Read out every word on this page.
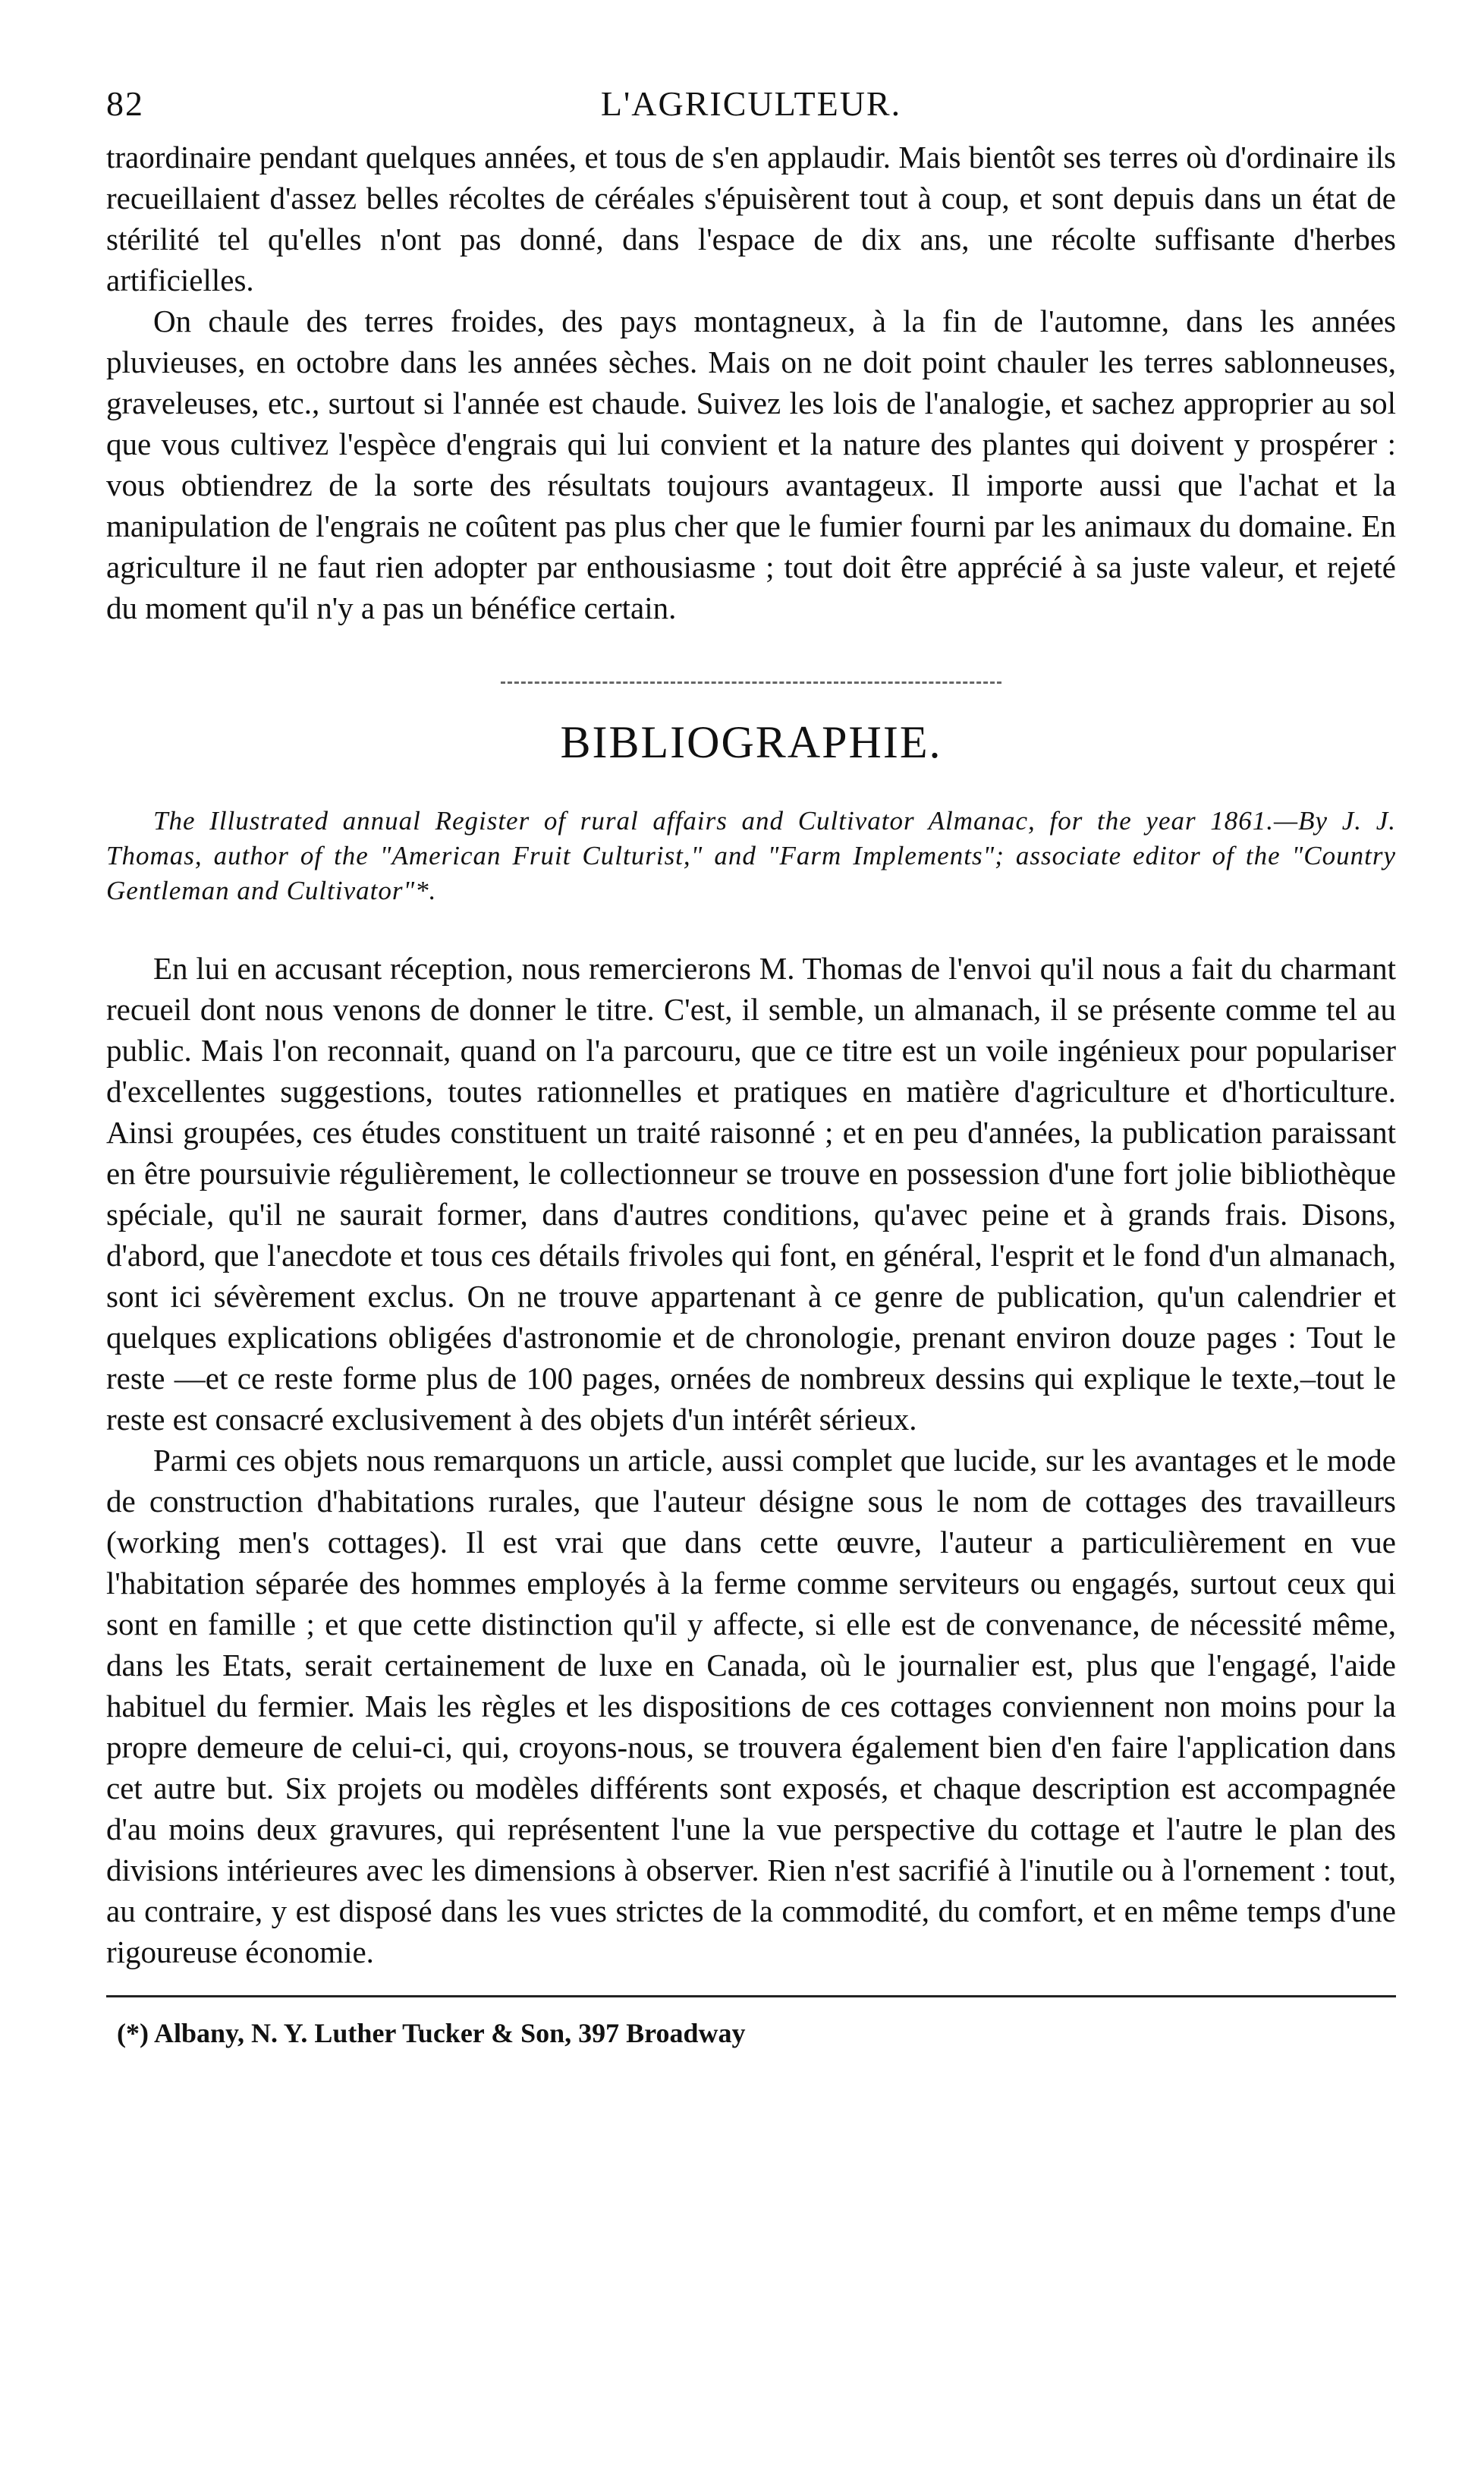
82	L'AGRICULTEUR.

traordinaire pendant quelques années, et tous de s'en applaudir. Mais bientôt ses terres où d'ordinaire ils recueillaient d'assez belles récoltes de céréales s'épuisèrent tout à coup, et sont depuis dans un état de stérilité tel qu'elles n'ont pas donné, dans l'espace de dix ans, une récolte suffisante d'herbes artificielles.

On chaule des terres froides, des pays montagneux, à la fin de l'automne, dans les années pluvieuses, en octobre dans les années sèches. Mais on ne doit point chauler les terres sablonneuses, graveleuses, etc., surtout si l'année est chaude. Suivez les lois de l'analogie, et sachez approprier au sol que vous cultivez l'espèce d'engrais qui lui convient et la nature des plantes qui doivent y prospérer : vous obtiendrez de la sorte des résultats toujours avantageux. Il importe aussi que l'achat et la manipulation de l'engrais ne coûtent pas plus cher que le fumier fourni par les animaux du domaine. En agriculture il ne faut rien adopter par enthousiasme ; tout doit être apprécié à sa juste valeur, et rejeté du moment qu'il n'y a pas un bénéfice certain.

BIBLIOGRAPHIE.
The Illustrated annual Register of rural affairs and Cultivator Almanac, for the year 1861.—By J. J. Thomas, author of the "American Fruit Culturist," and "Farm Implements"; associate editor of the "Country Gentleman and Cultivator"*.

En lui en accusant réception, nous remercierons M. Thomas de l'envoi qu'il nous a fait du charmant recueil dont nous venons de donner le titre. C'est, il semble, un almanach, il se présente comme tel au public. Mais l'on reconnait, quand on l'a parcouru, que ce titre est un voile ingénieux pour populariser d'excellentes suggestions, toutes rationnelles et pratiques en matière d'agriculture et d'horticulture. Ainsi groupées, ces études constituent un traité raisonné ; et en peu d'années, la publication paraissant en être poursuivie régulièrement, le collectionneur se trouve en possession d'une fort jolie bibliothèque spéciale, qu'il ne saurait former, dans d'autres conditions, qu'avec peine et à grands frais. Disons, d'abord, que l'anecdote et tous ces détails frivoles qui font, en général, l'esprit et le fond d'un almanach, sont ici sévèrement exclus. On ne trouve appartenant à ce genre de publication, qu'un calendrier et quelques explications obligées d'astronomie et de chronologie, prenant environ douze pages : Tout le reste —et ce reste forme plus de 100 pages, ornées de nombreux dessins qui explique le texte,–tout le reste est consacré exclusivement à des objets d'un intérêt sérieux.

Parmi ces objets nous remarquons un article, aussi complet que lucide, sur les avantages et le mode de construction d'habitations rurales, que l'auteur désigne sous le nom de cottages des travailleurs (working men's cottages). Il est vrai que dans cette œuvre, l'auteur a particulièrement en vue l'habitation séparée des hommes employés à la ferme comme serviteurs ou engagés, surtout ceux qui sont en famille ; et que cette distinction qu'il y affecte, si elle est de convenance, de nécessité même, dans les Etats, serait certainement de luxe en Canada, où le journalier est, plus que l'engagé, l'aide habituel du fermier. Mais les règles et les dispositions de ces cottages conviennent non moins pour la propre demeure de celui-ci, qui, croyons-nous, se trouvera également bien d'en faire l'application dans cet autre but. Six projets ou modèles différents sont exposés, et chaque description est accompagnée d'au moins deux gravures, qui représentent l'une la vue perspective du cottage et l'autre le plan des divisions intérieures avec les dimensions à observer. Rien n'est sacrifié à l'inutile ou à l'ornement : tout, au contraire, y est disposé dans les vues strictes de la commodité, du comfort, et en même temps d'une rigoureuse économie.

(*) Albany, N. Y. Luther Tucker & Son, 397 Broadway
